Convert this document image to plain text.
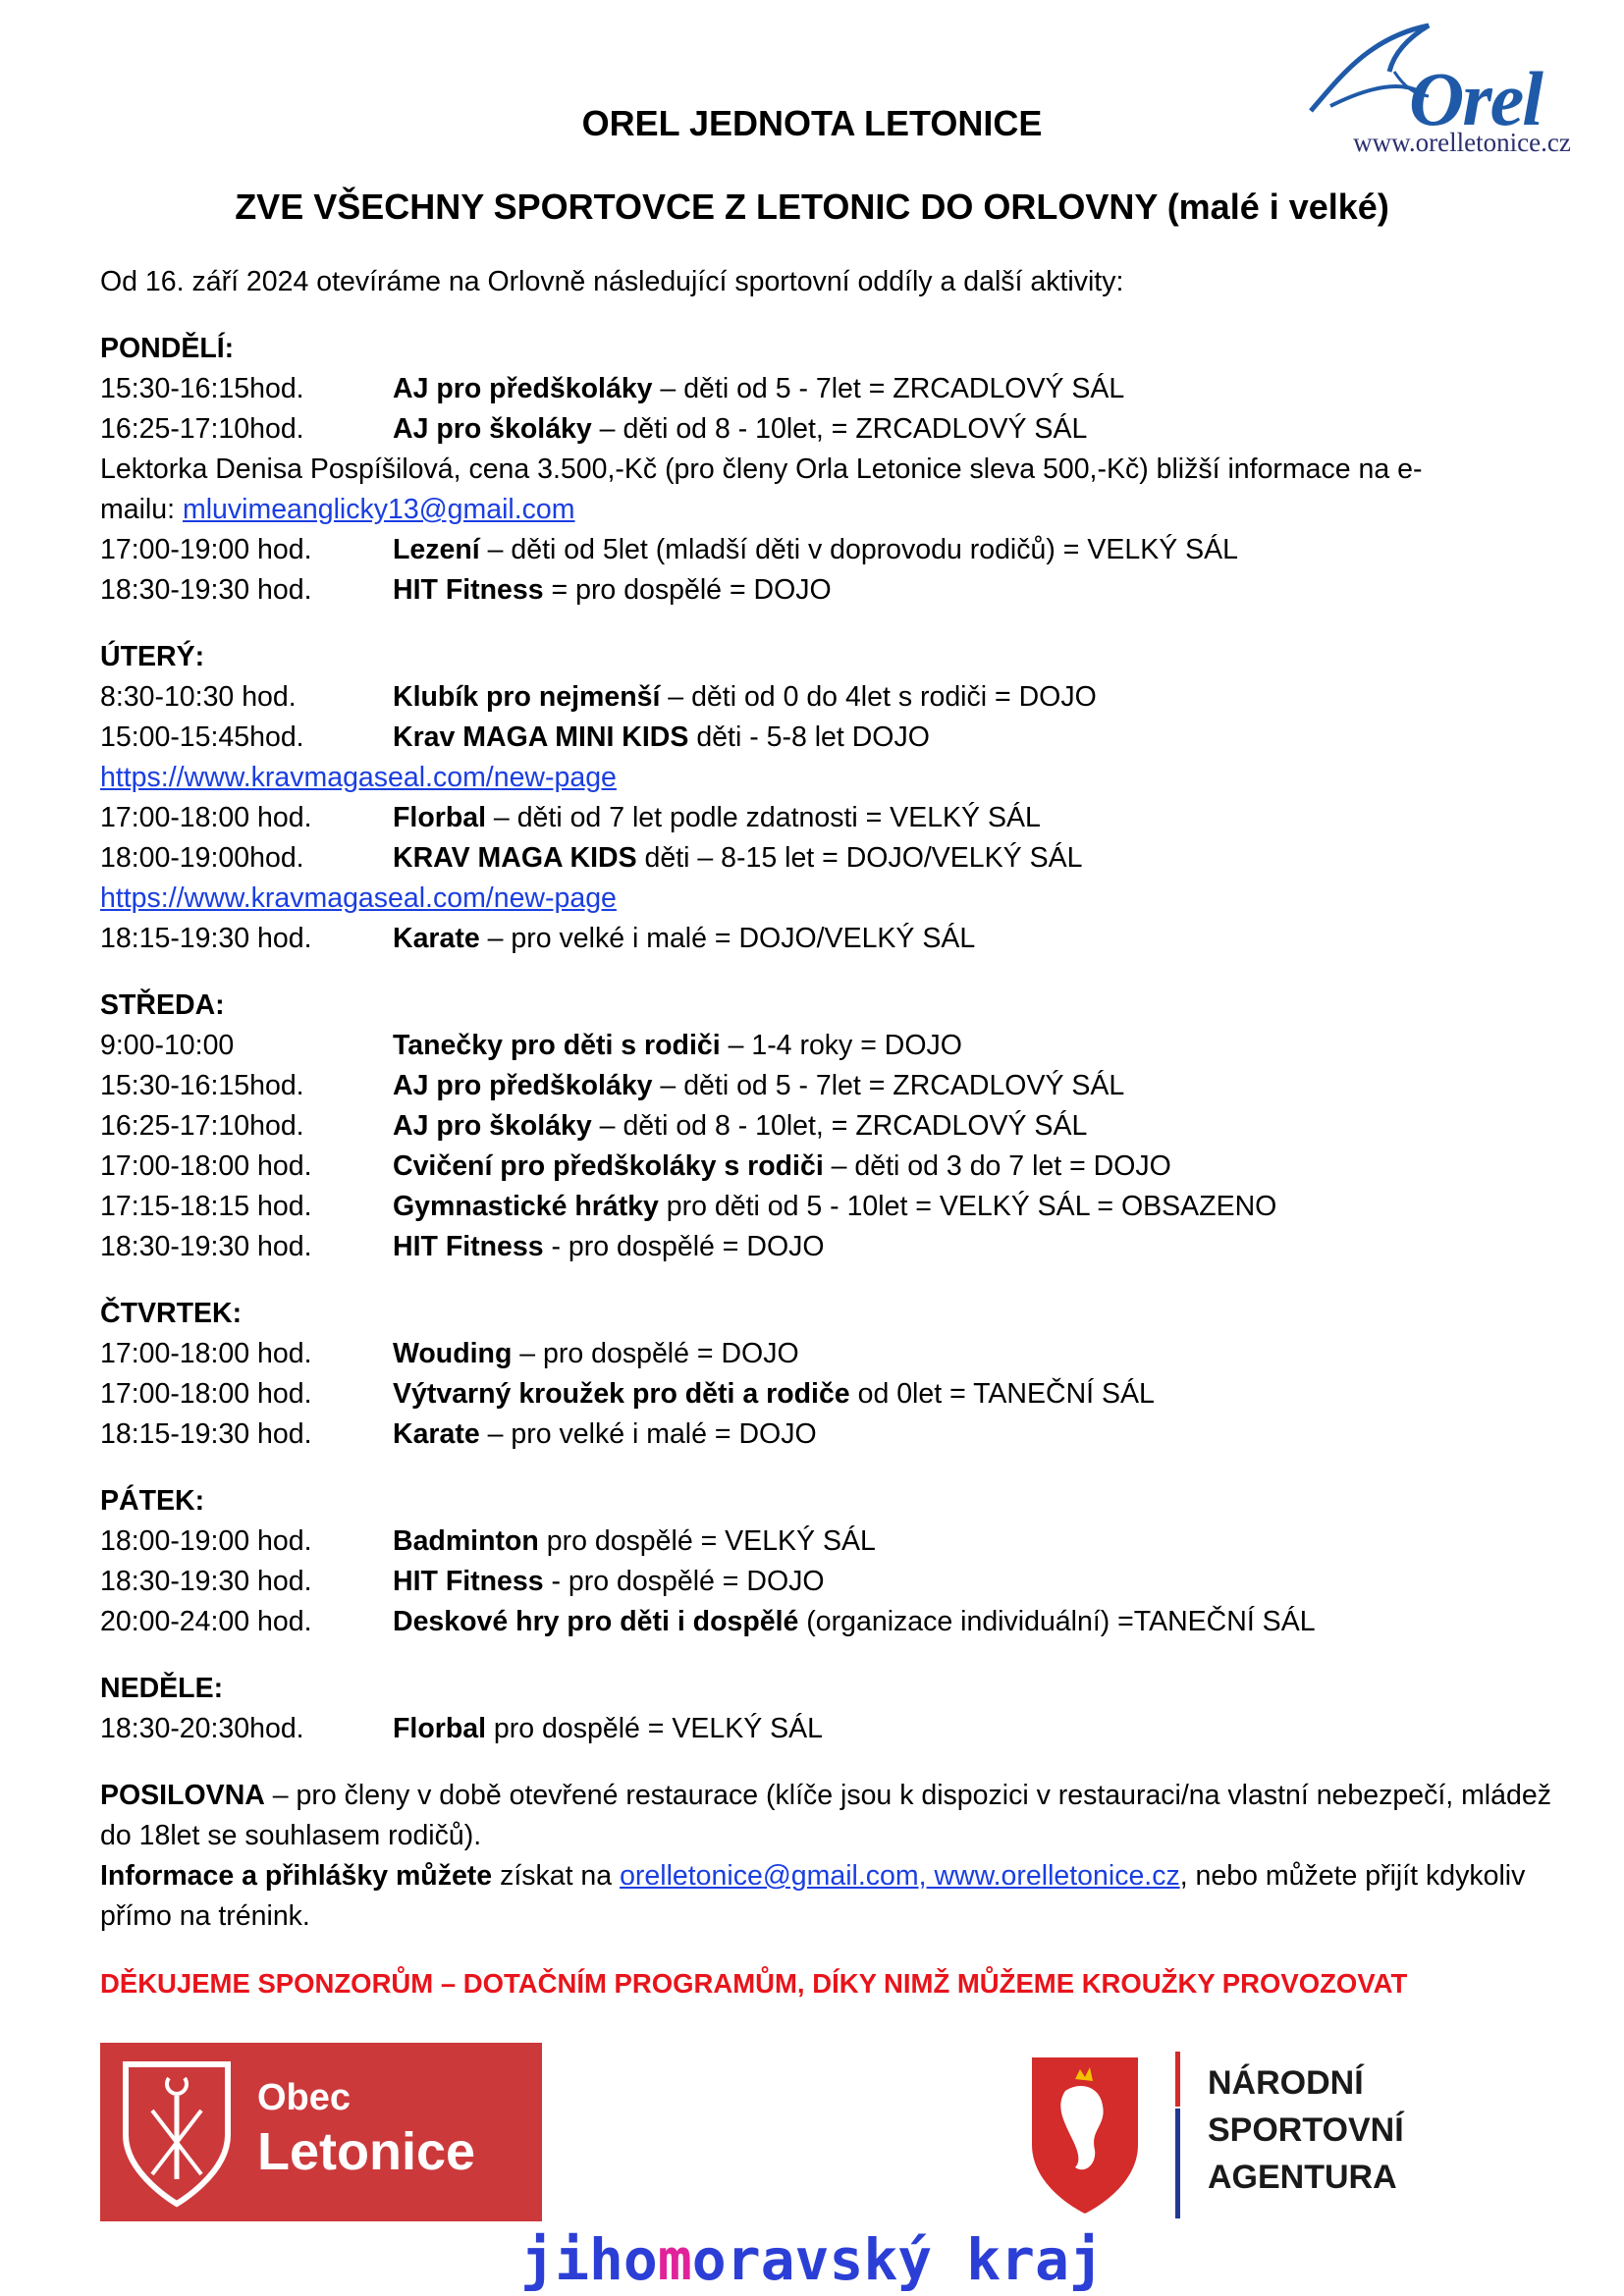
Orel
www.orelletonice.cz
OREL JEDNOTA LETONICE
ZVE VŠECHNY SPORTOVCE Z LETONIC DO ORLOVNY (malé i velké)
Od 16. září 2024 otevíráme na Orlovně následující sportovní oddíly a další aktivity:
PONDĚLÍ:
15:30-16:15hod.	AJ pro předškoláky – děti od 5 - 7let = ZRCADLOVÝ SÁL
16:25-17:10hod.	AJ pro školáky – děti od 8 - 10let, = ZRCADLOVÝ SÁL
Lektorka Denisa Pospíšilová, cena 3.500,-Kč (pro členy Orla Letonice sleva 500,-Kč) bližší informace na e-
mailu: mluvimeanglicky13@gmail.com
17:00-19:00 hod.	Lezení – děti od 5let (mladší děti v doprovodu rodičů) = VELKÝ SÁL
18:30-19:30 hod.	HIT Fitness = pro dospělé = DOJO
ÚTERÝ:
8:30-10:30 hod.	Klubík pro nejmenší – děti od 0 do 4let s rodiči = DOJO
15:00-15:45hod.	Krav MAGA MINI KIDS děti - 5-8 let DOJO
https://www.kravmagaseal.com/new-page
17:00-18:00 hod.	Florbal – děti od 7 let podle zdatnosti = VELKÝ SÁL
18:00-19:00hod.	KRAV MAGA KIDS děti – 8-15 let = DOJO/VELKÝ SÁL
https://www.kravmagaseal.com/new-page
18:15-19:30 hod.	Karate – pro velké i malé = DOJO/VELKÝ SÁL
STŘEDA:
9:00-10:00	Tanečky pro děti s rodiči – 1-4 roky = DOJO
15:30-16:15hod.	AJ pro předškoláky – děti od 5 - 7let = ZRCADLOVÝ SÁL
16:25-17:10hod.	AJ pro školáky – děti od 8 - 10let, = ZRCADLOVÝ SÁL
17:00-18:00 hod.	Cvičení pro předškoláky s rodiči – děti od 3 do 7 let = DOJO
17:15-18:15 hod.	Gymnastické hrátky pro děti od 5 - 10let = VELKÝ SÁL = OBSAZENO
18:30-19:30 hod.	HIT Fitness - pro dospělé = DOJO
ČTVRTEK:
17:00-18:00 hod.	Wouding – pro dospělé = DOJO
17:00-18:00 hod.	Výtvarný kroužek pro děti a rodiče od 0let = TANEČNÍ SÁL
18:15-19:30 hod.	Karate – pro velké i malé = DOJO
PÁTEK:
18:00-19:00 hod.	Badminton pro dospělé = VELKÝ SÁL
18:30-19:30 hod.	HIT Fitness - pro dospělé = DOJO
20:00-24:00 hod.	Deskové hry pro děti i dospělé (organizace individuální) =TANEČNÍ SÁL
NEDĚLE:
18:30-20:30hod.	Florbal pro dospělé = VELKÝ SÁL
POSILOVNA – pro členy v době otevřené restaurace (klíče jsou k dispozici v restauraci/na vlastní nebezpečí, mládež do 18let se souhlasem rodičů).
Informace a přihlášky můžete získat na orelletonice@gmail.com, www.orelletonice.cz, nebo můžete přijít kdykoliv přímo na trénink.
DĚKUJEME SPONZORŮM – DOTAČNÍM PROGRAMŮM, DÍKY NIMŽ MŮŽEME KROUŽKY PROVOZOVAT
Obec
Letonice
NÁRODNÍ
SPORTOVNÍ
AGENTURA
jihomoravský kraj
